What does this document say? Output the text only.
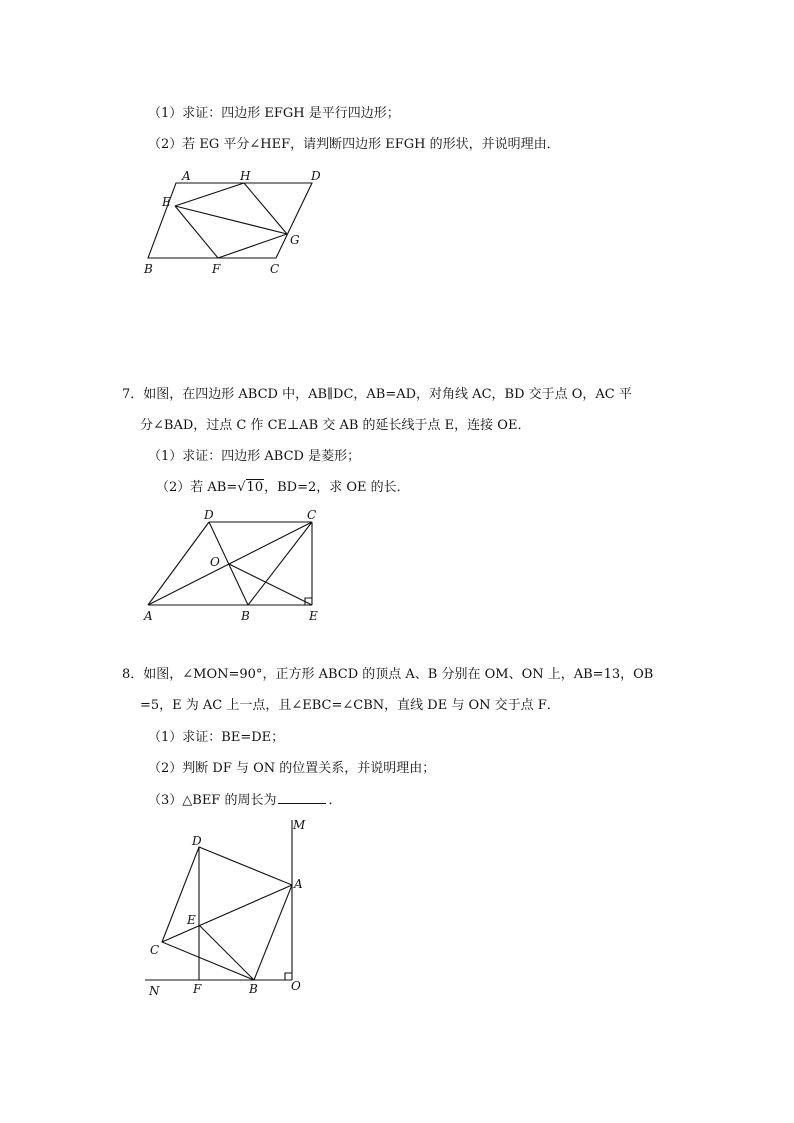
（1）求证：四边形 EFGH 是平行四边形；
（2）若 EG 平分∠HEF，请判断四边形 EFGH 的形状，并说明理由．
A	H	D
E
G
B	F	C
7．如图，在四边形 ABCD 中，AB∥DC，AB=AD，对角线 AC，BD 交于点 O，AC 平
分∠BAD，过点 C 作 CE⊥AB 交 AB 的延长线于点 E，连接 OE．
（1）求证：四边形 ABCD 是菱形；
（2）若 AB=√10，BD=2，求 OE 的长．
D	C
O
A	B	E
8．如图，∠MON=90°，正方形 ABCD 的顶点 A、B 分别在 OM、ON 上，AB=13，OB
=5，E 为 AC 上一点，且∠EBC=∠CBN，直线 DE 与 ON 交于点 F．
（1）求证：BE=DE；
（2）判断 DF 与 ON 的位置关系，并说明理由；
（3）△BEF 的周长为	．
M
D
A
E
C
N	F	B	O
